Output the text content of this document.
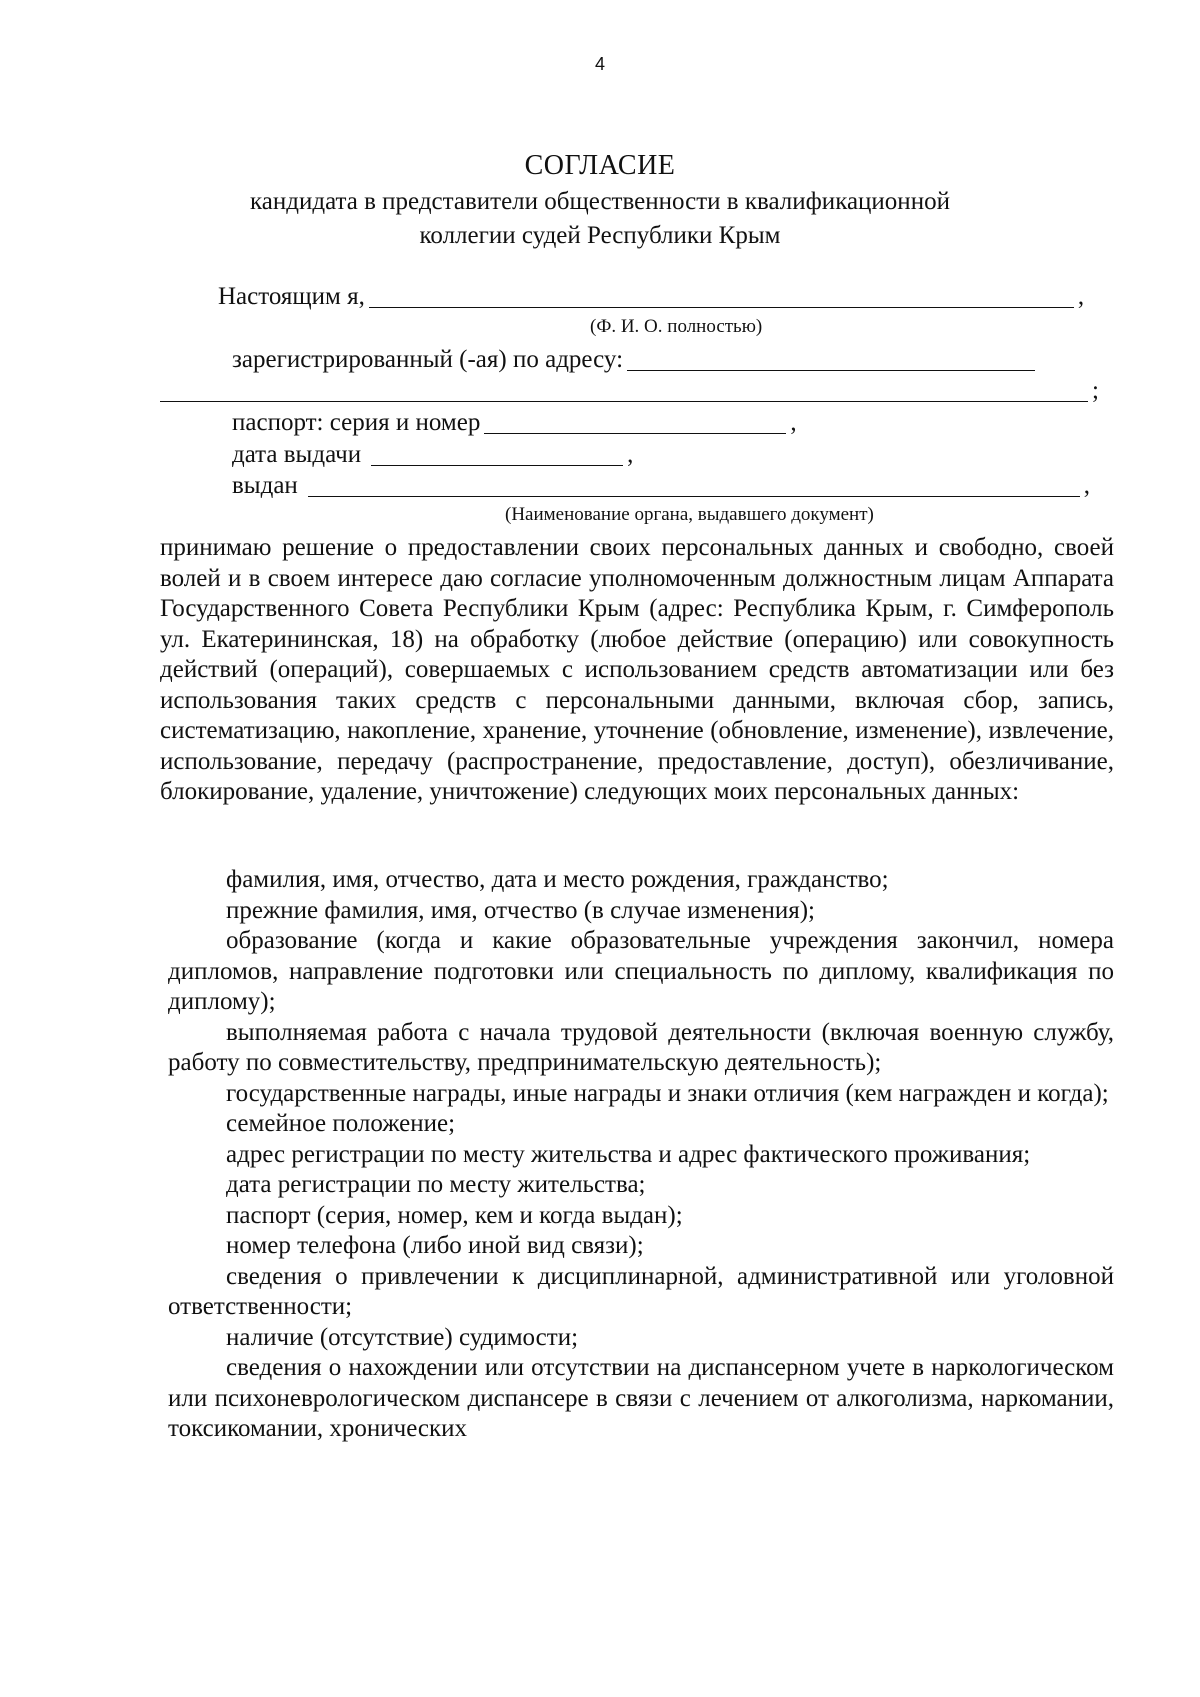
4
СОГЛАСИЕ
кандидата в представители общественности в квалификационной
коллегии судей Республики Крым
Настоящим я,	,
(Ф. И. О. полностью)
зарегистрированный (-ая) по адресу:
;
паспорт: серия и номер	,
дата выдачи	,
выдан	,
(Наименование органа, выдавшего документ)

принимаю решение о предоставлении своих персональных данных и свободно, своей волей и в своем интересе даю согласие уполномоченным должностным лицам Аппарата Государственного Совета Республики Крым (адрес: Республика Крым, г. Симферополь ул. Екатерининская, 18) на обработку (любое действие (операцию) или совокупность действий (операций), совершаемых с использованием средств автоматизации или без использования таких средств с персональными данными, включая сбор, запись, систематизацию, накопление, хранение, уточнение (обновление, изменение), извлечение, использование, передачу (распространение, предоставление, доступ), обезличивание, блокирование, удаление, уничтожение) следующих моих персональных данных:

фамилия, имя, отчество, дата и место рождения, гражданство;

прежние фамилия, имя, отчество (в случае изменения);

образование (когда и какие образовательные учреждения закончил, номера дипломов, направление подготовки или специальность по диплому, квалификация по диплому);

выполняемая работа с начала трудовой деятельности (включая военную службу, работу по совместительству, предпринимательскую деятельность);

государственные награды, иные награды и знаки отличия (кем награжден и когда);

семейное положение;

адрес регистрации по месту жительства и адрес фактического проживания;

дата регистрации по месту жительства;

паспорт (серия, номер, кем и когда выдан);

номер телефона (либо иной вид связи);

сведения о привлечении к дисциплинарной, административной или уголовной ответственности;

наличие (отсутствие) судимости;

сведения о нахождении или отсутствии на диспансерном учете в наркологическом или психоневрологическом диспансере в связи с лечением от алкоголизма, наркомании, токсикомании, хронических
